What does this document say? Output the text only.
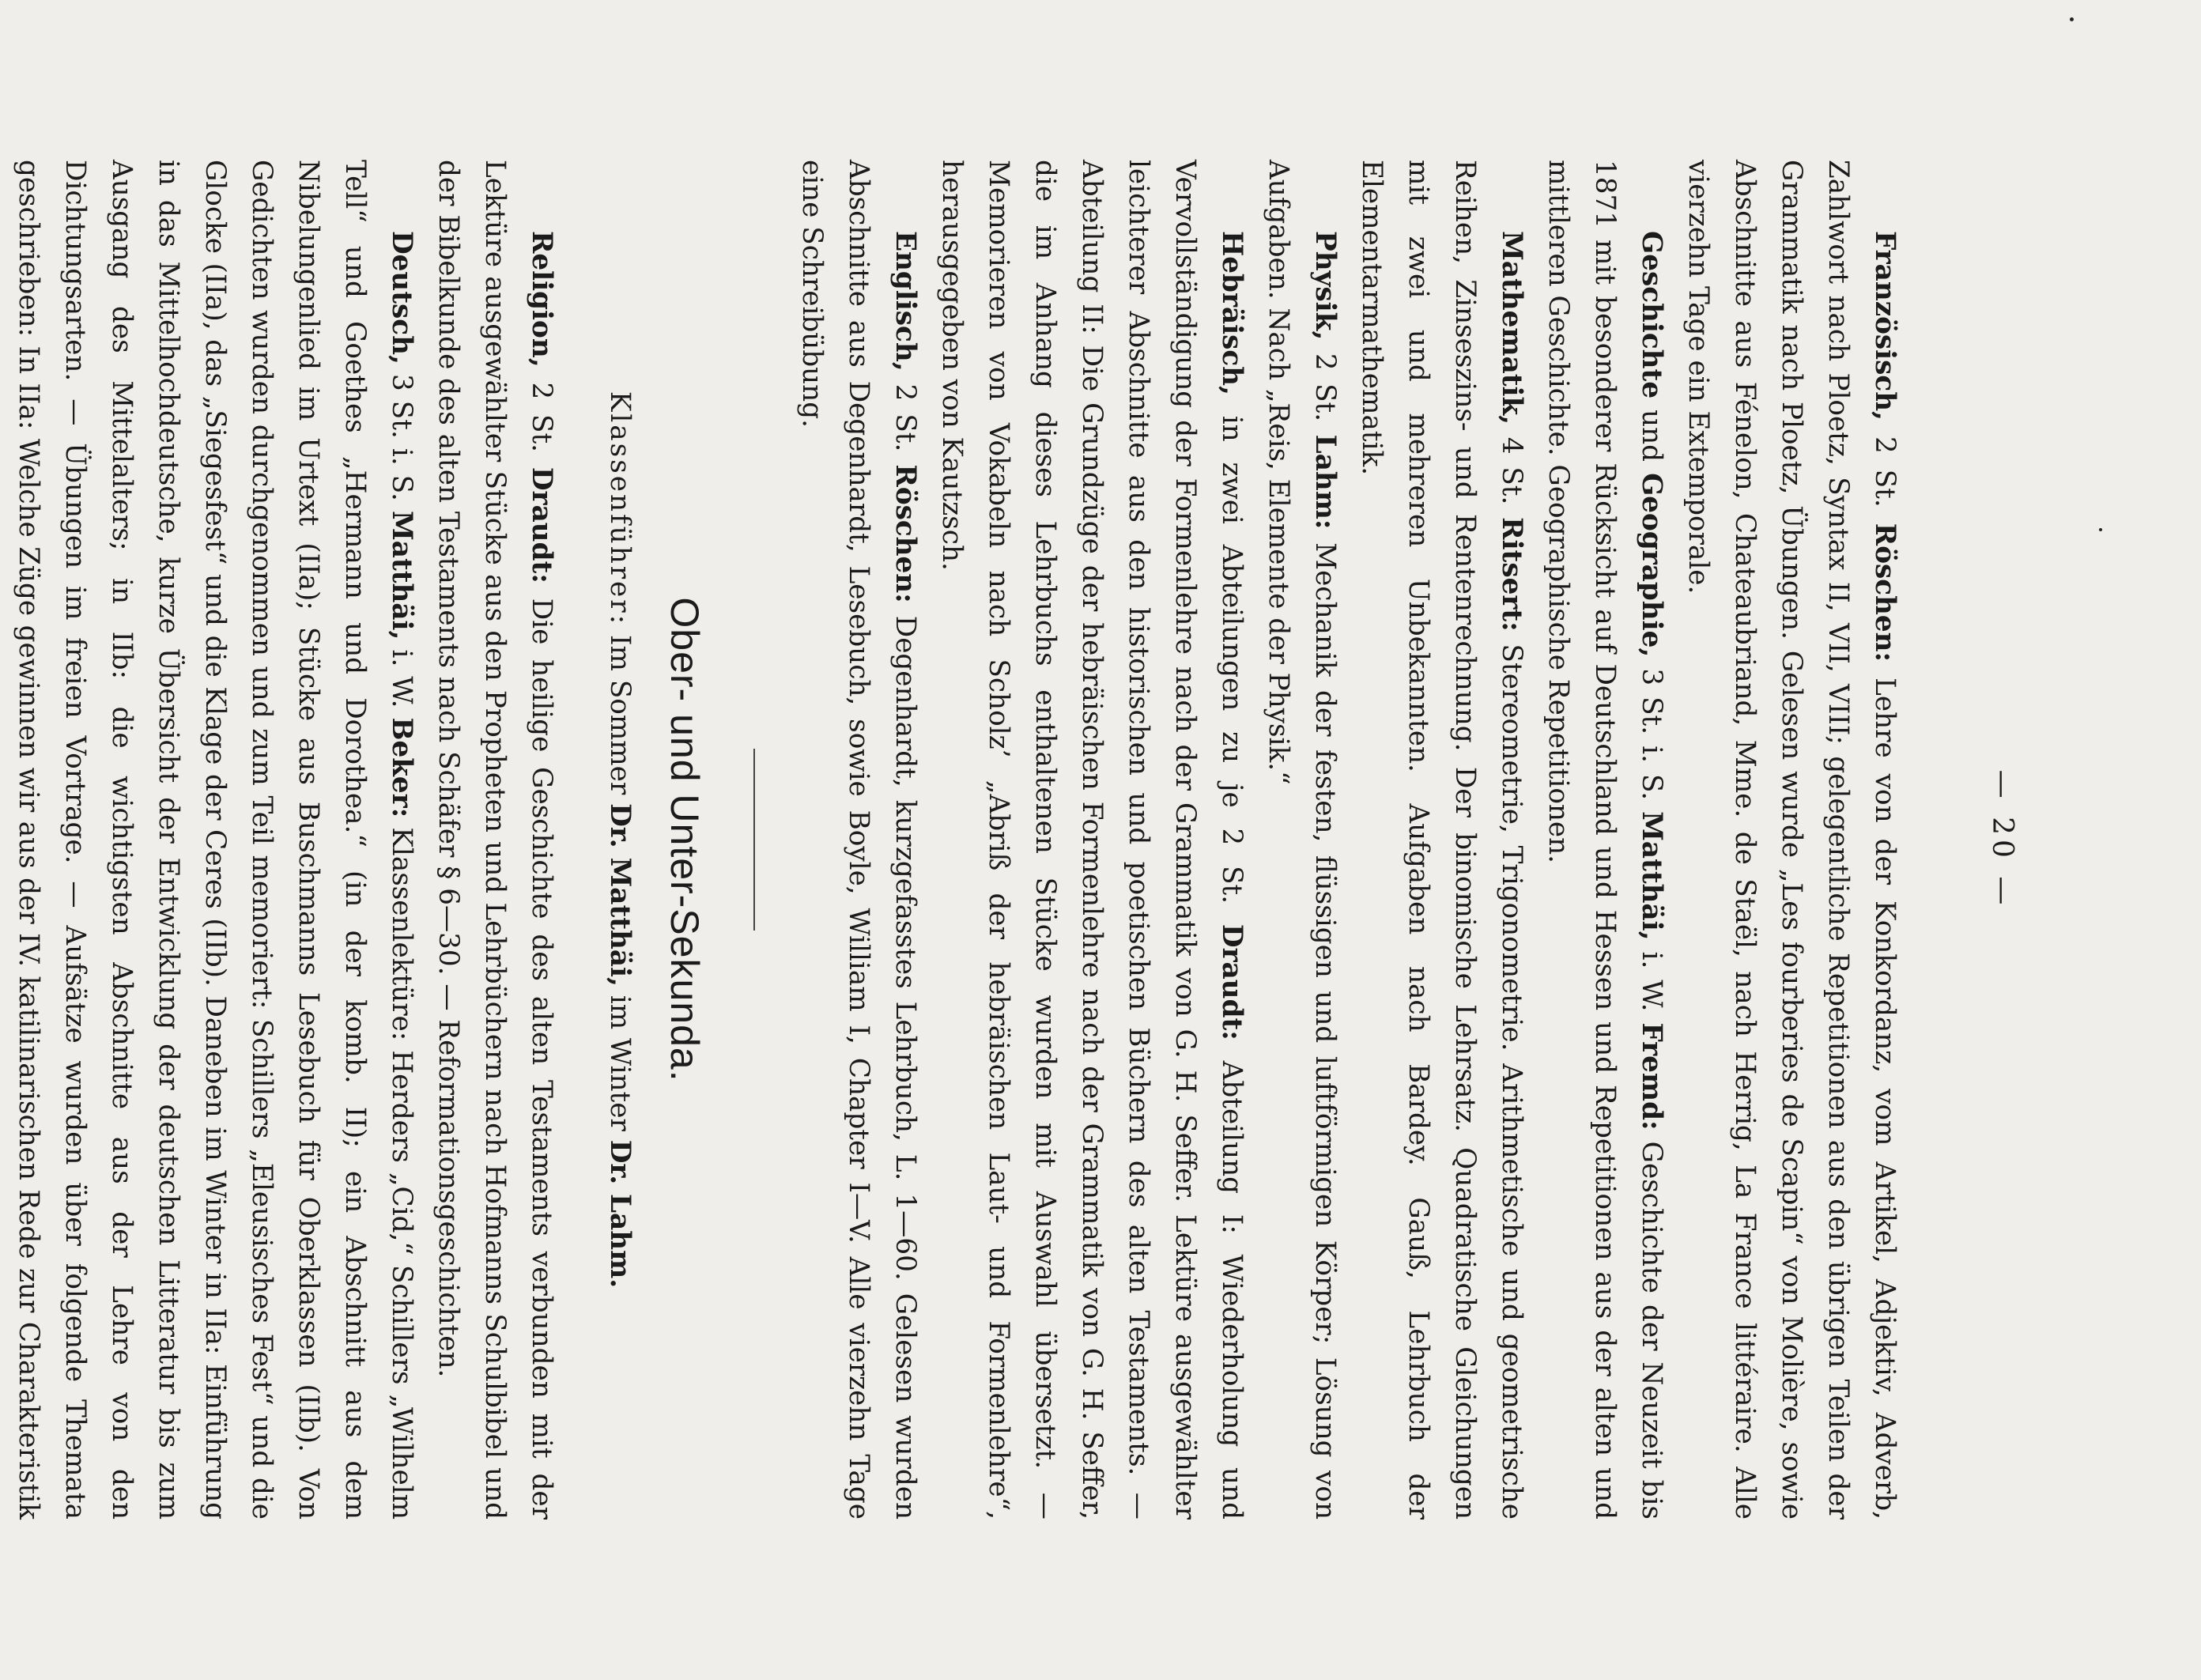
— 20 —

Französisch, 2 St. Röschen: Lehre von der Konkordanz, vom Artikel, Adjektiv, Adverb, Zahlwort nach Ploetz, Syntax II, VII, VIII; gelegentliche Repetitionen aus den übrigen Teilen der Grammatik nach Ploetz, Übungen. Gelesen wurde „Les fourberies de Scapin“ von Molière, sowie Abschnitte aus Fénelon, Chateaubriand, Mme. de Staël, nach Herrig, La France littéraire. Alle vierzehn Tage ein Extemporale.

Geschichte und Geographie, 3 St. i. S. Matthäi, i. W. Fremd: Geschichte der Neuzeit bis 1871 mit besonderer Rücksicht auf Deutschland und Hessen und Repetitionen aus der alten und mittleren Geschichte. Geographische Repetitionen.

Mathematik, 4 St. Ritsert: Stereometrie, Trigonometrie. Arithmetische und geometrische Reihen, Zinseszins- und Rentenrechnung. Der binomische Lehrsatz. Quadratische Gleichungen mit zwei und mehreren Unbekannten. Aufgaben nach Bardey. Gauß, Lehrbuch der Elementarmathematik.

Physik, 2 St. Lahm: Mechanik der festen, flüssigen und luftförmigen Körper; Lösung von Aufgaben. Nach „Reis, Elemente der Physik.“

Hebräisch, in zwei Abteilungen zu je 2 St. Draudt: Abteilung I: Wiederholung und Vervollständigung der Formenlehre nach der Grammatik von G. H. Seffer. Lektüre ausgewählter leichterer Abschnitte aus den historischen und poetischen Büchern des alten Testaments. — Abteilung II: Die Grundzüge der hebräischen Formenlehre nach der Grammatik von G. H. Seffer, die im Anhang dieses Lehrbuchs enthaltenen Stücke wurden mit Auswahl übersetzt. — Memorieren von Vokabeln nach Scholz’ „Abriß der hebräischen Laut- und Formenlehre“, herausgegeben von Kautzsch.

Englisch, 2 St. Röschen: Degenhardt, kurzgefasstes Lehrbuch, L. 1—60. Gelesen wurden Abschnitte aus Degenhardt, Lesebuch, sowie Boyle, William I, Chapter I—V. Alle vierzehn Tage eine Schreibübung.

Ober- und Unter-Sekunda.
Klassenführer: Im Sommer Dr. Matthäi, im Winter Dr. Lahm.

Religion, 2 St. Draudt: Die heilige Geschichte des alten Testaments verbunden mit der Lektüre ausgewählter Stücke aus den Propheten und Lehrbüchern nach Hofmanns Schulbibel und der Bibelkunde des alten Testaments nach Schäfer § 6—30. — Reformationsgeschichten.

Deutsch, 3 St. i. S. Matthäi, i. W. Beker: Klassenlektüre: Herders „Cid,“ Schillers „Wilhelm Tell“ und Goethes „Hermann und Dorothea.“ (in der komb. II); ein Abschnitt aus dem Nibelungenlied im Urtext (IIa); Stücke aus Buschmanns Lesebuch für Oberklassen (IIb). Von Gedichten wurden durchgenommen und zum Teil memoriert: Schillers „Eleusisches Fest“ und die Glocke (IIa), das „Siegesfest“ und die Klage der Ceres (IIb). Daneben im Winter in IIa: Einführung in das Mittelhochdeutsche, kurze Übersicht der Entwicklung der deutschen Litteratur bis zum Ausgang des Mittelalters; in IIb: die wichtigsten Abschnitte aus der Lehre von den Dichtungsarten. — Übungen im freien Vortrage. — Aufsätze wurden über folgende Themata geschrieben: In IIa: Welche Züge gewinnen wir aus der IV. katilinarischen Rede zur Charakteristik
